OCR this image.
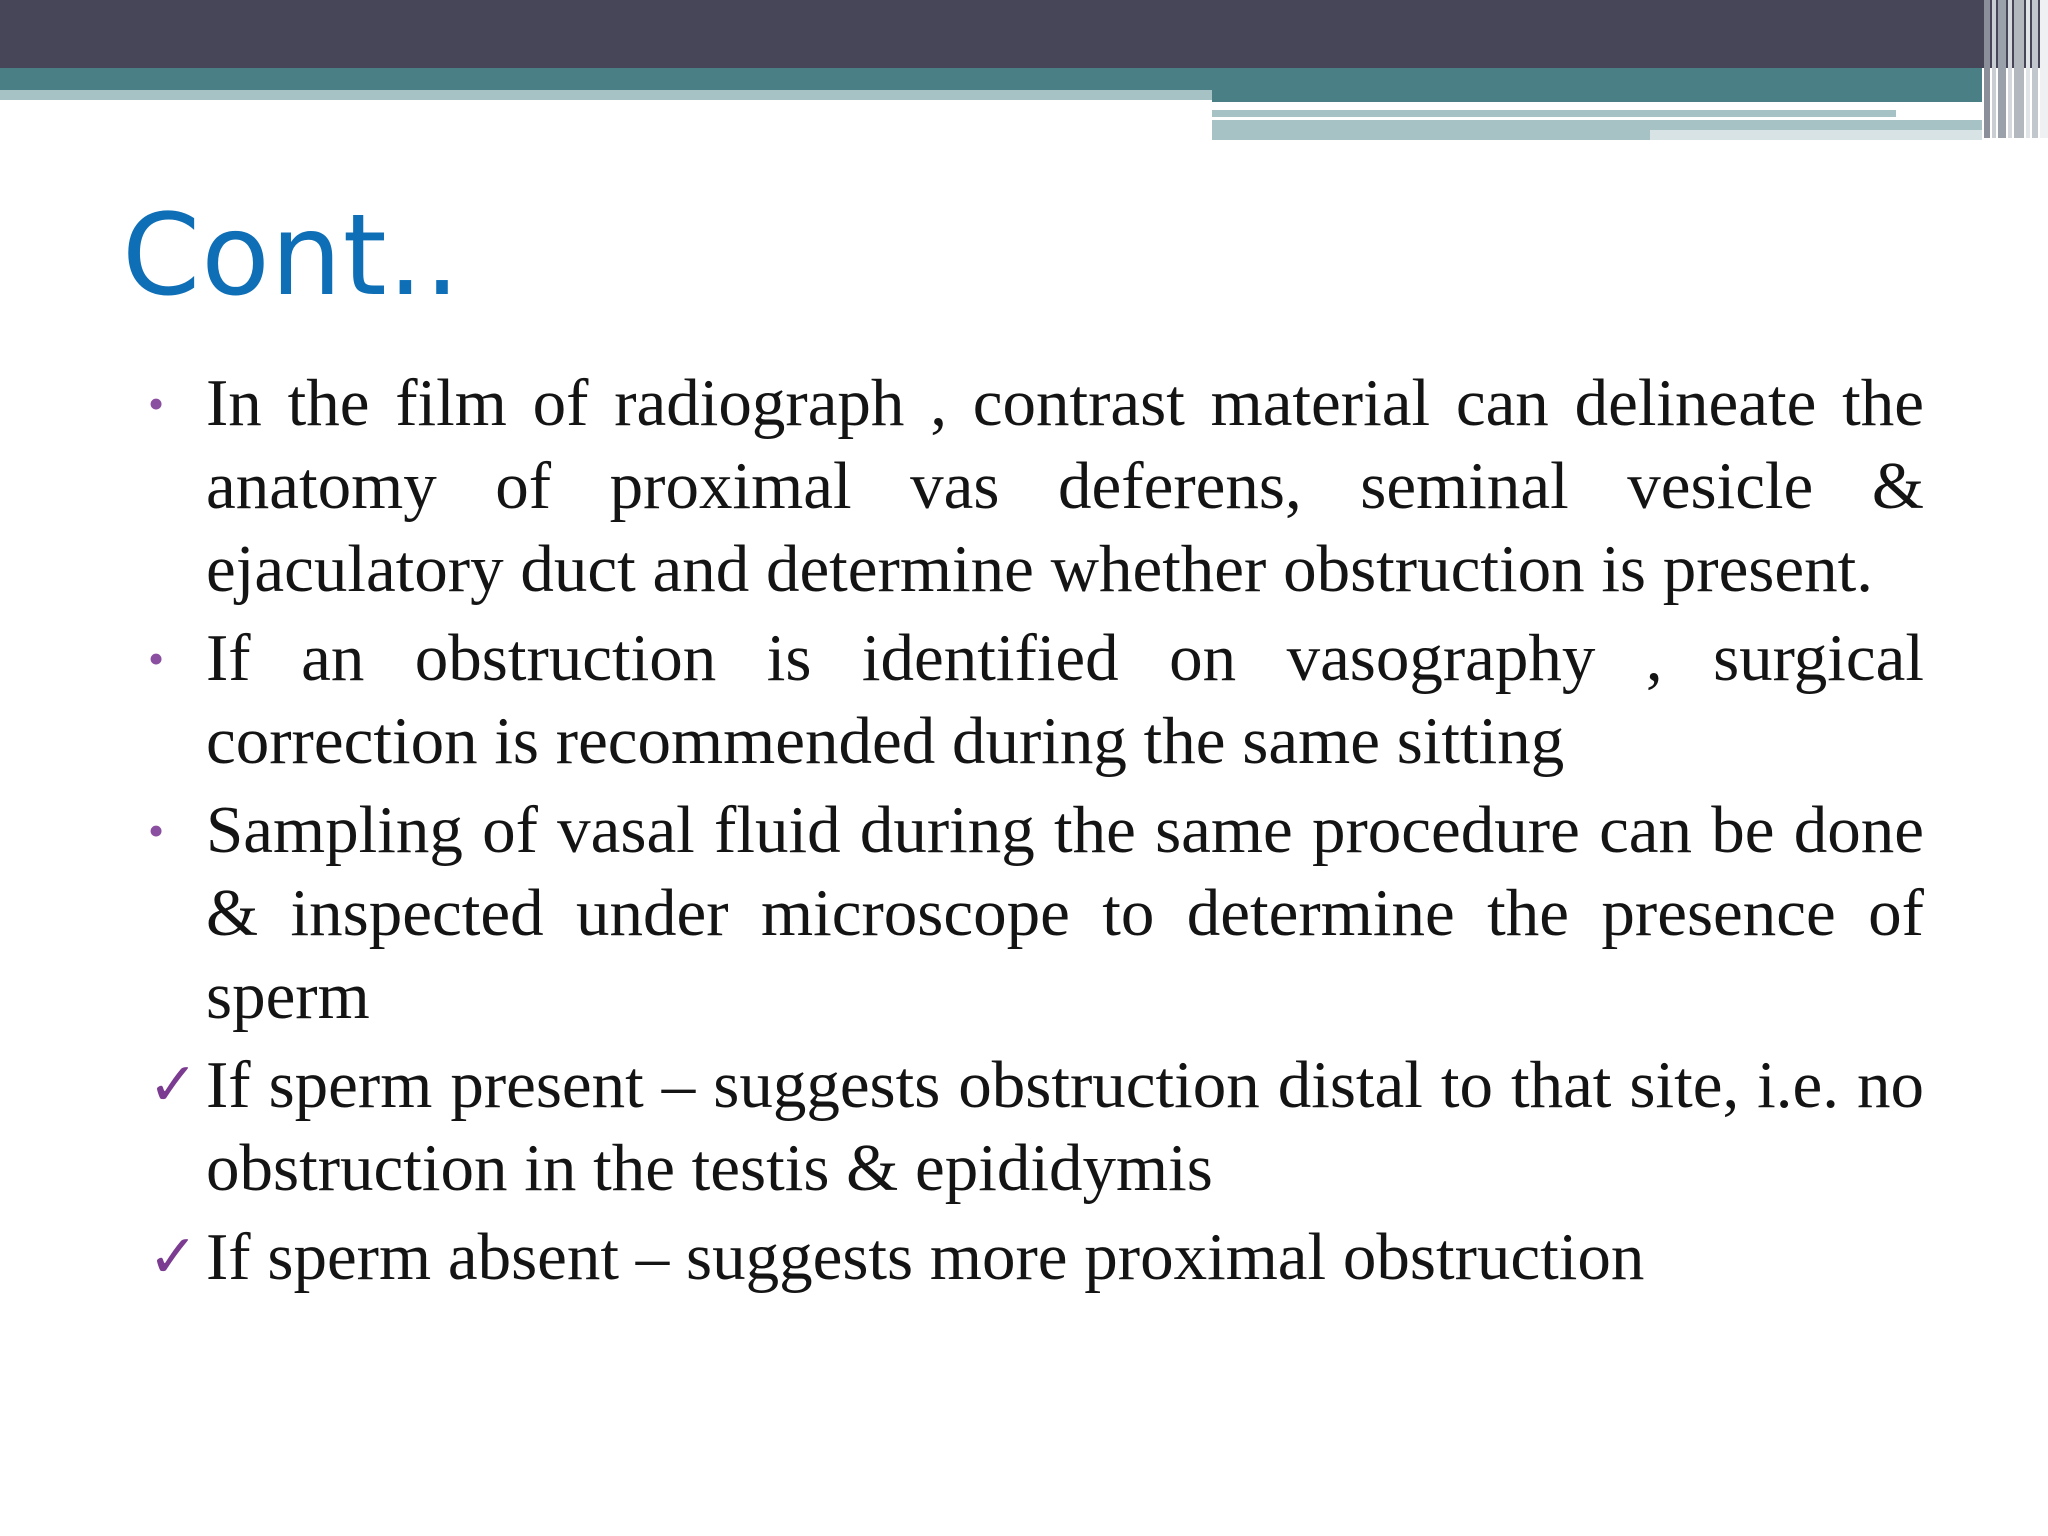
Cont..
• In the film of radiograph , contrast material can delineate the anatomy of proximal vas deferens, seminal vesicle & ejaculatory duct and determine whether obstruction is present.
• If an obstruction is identified on vasography , surgical correction is recommended during the same sitting
• Sampling of vasal fluid during the same procedure can be done & inspected under microscope to determine the presence of sperm
✓ If sperm present – suggests obstruction distal to that site, i.e. no obstruction in the testis & epididymis
✓ If sperm absent – suggests more proximal obstruction
